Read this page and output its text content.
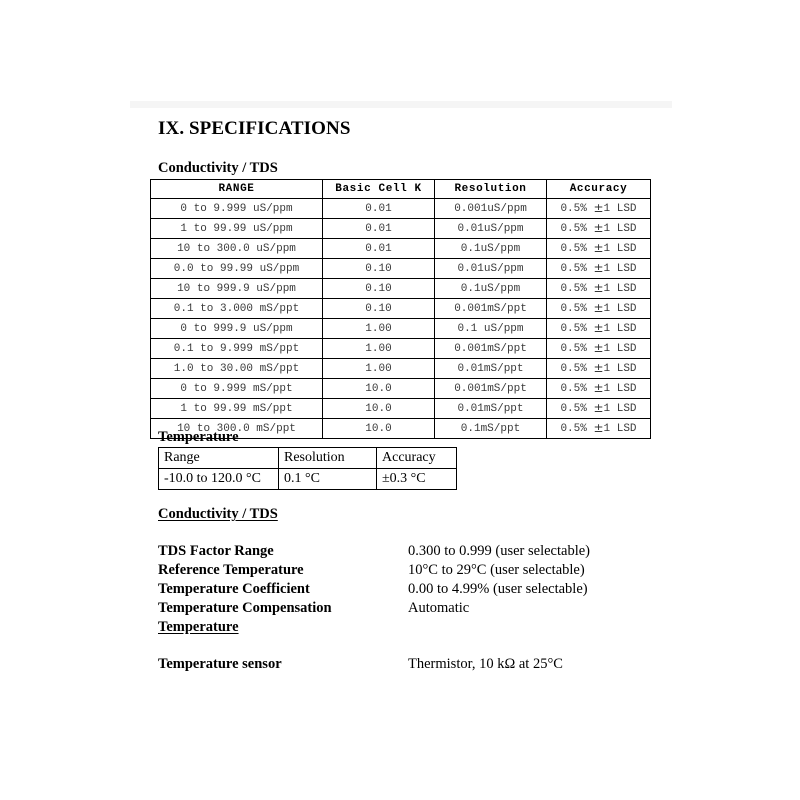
IX. SPECIFICATIONS
Conductivity / TDS
RANGE	Basic Cell K	Resolution	Accuracy
0 to 9.999 uS/ppm	0.01	0.001uS/ppm	0.5% ±1 LSD
1 to 99.99 uS/ppm	0.01	0.01uS/ppm	0.5% ±1 LSD
10 to 300.0 uS/ppm	0.01	0.1uS/ppm	0.5% ±1 LSD
0.0 to 99.99 uS/ppm	0.10	0.01uS/ppm	0.5% ±1 LSD
10 to 999.9 uS/ppm	0.10	0.1uS/ppm	0.5% ±1 LSD
0.1 to 3.000 mS/ppt	0.10	0.001mS/ppt	0.5% ±1 LSD
0 to 999.9 uS/ppm	1.00	0.1 uS/ppm	0.5% ±1 LSD
0.1 to 9.999 mS/ppt	1.00	0.001mS/ppt	0.5% ±1 LSD
1.0 to 30.00 mS/ppt	1.00	0.01mS/ppt	0.5% ±1 LSD
0 to 9.999 mS/ppt	10.0	0.001mS/ppt	0.5% ±1 LSD
1 to 99.99 mS/ppt	10.0	0.01mS/ppt	0.5% ±1 LSD
10 to 300.0 mS/ppt	10.0	0.1mS/ppt	0.5% ±1 LSD
Temperature
Range	Resolution	Accuracy
-10.0 to 120.0 °C	0.1 °C	±0.3 °C
Conductivity / TDS
TDS Factor Range	0.300 to 0.999 (user selectable)
Reference Temperature	10°C to 29°C (user selectable)
Temperature Coefficient	0.00 to 4.99% (user selectable)
Temperature Compensation	Automatic
Temperature
Temperature sensor	Thermistor, 10 kΩ at 25°C
